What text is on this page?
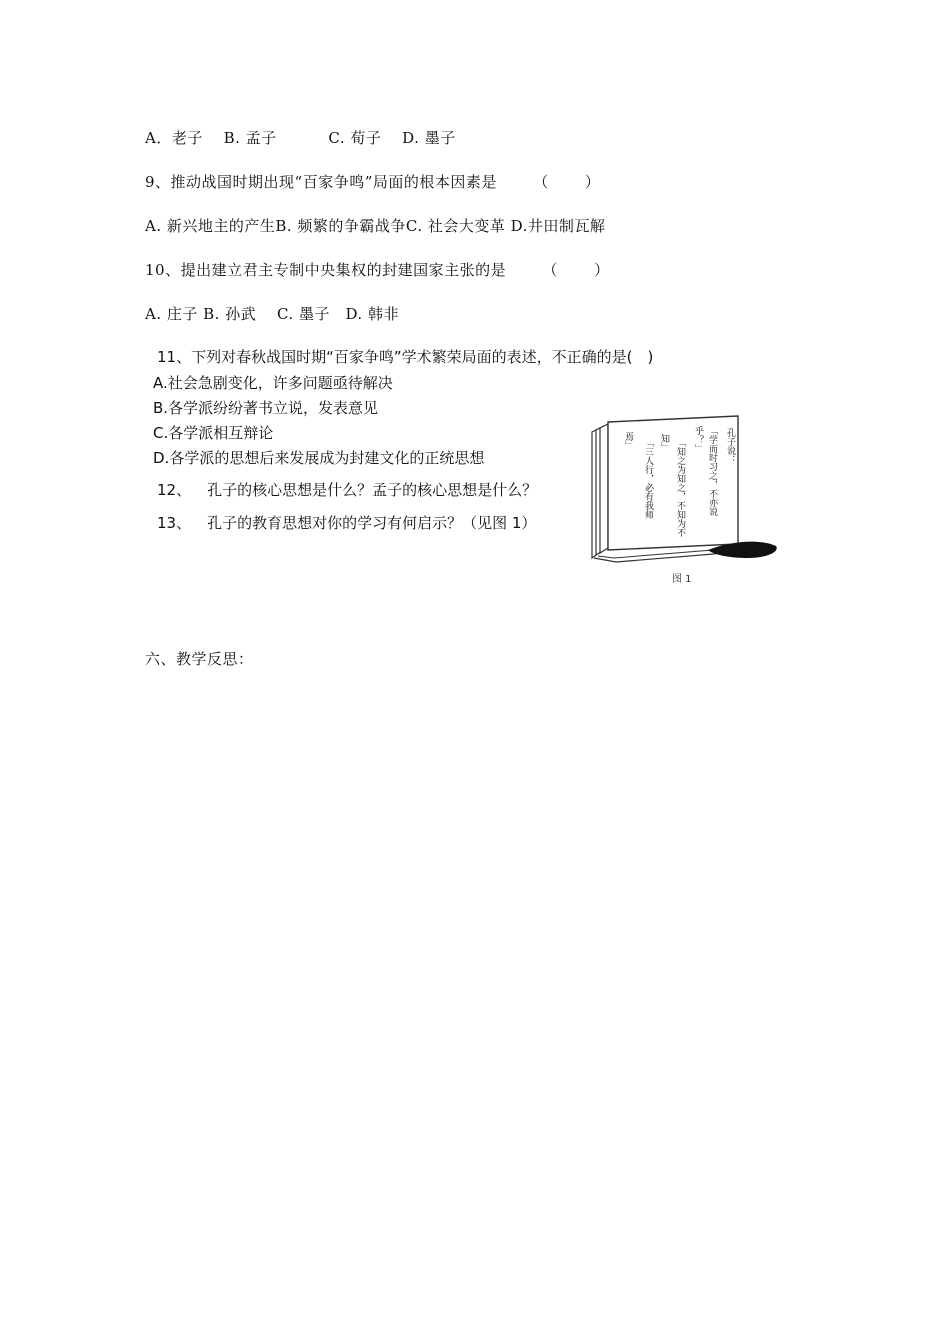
A．老子　 B. 孟子　　　 C. 荀子　 D. 墨子
9、推动战国时期出现“百家争鸣”局面的根本因素是　　 （　　 ）
A. 新兴地主的产生B. 频繁的争霸战争C. 社会大变革 D.井田制瓦解
10、提出建立君主专制中央集权的封建国家主张的是　　 （　　 ）
A. 庄子 B. 孙武　 C. 墨子　D. 韩非
11、下列对春秋战国时期“百家争鸣”学术繁荣局面的表述，不正确的是(　)
A.社会急剧变化，许多问题亟待解决
B.各学派纷纷著书立说，发表意见
C.各学派相互辩论
D.各学派的思想后来发展成为封建文化的正统思想
12、 孔子的核心思想是什么？孟子的核心思想是什么？
13、 孔子的教育思想对你的学习有何启示？（见图 1）
孔子说：
「学而时习之，不亦说
乎？」
「知之为知之，不知为不
知」
「三人行，必有我师
焉」
图 1
六、教学反思：
